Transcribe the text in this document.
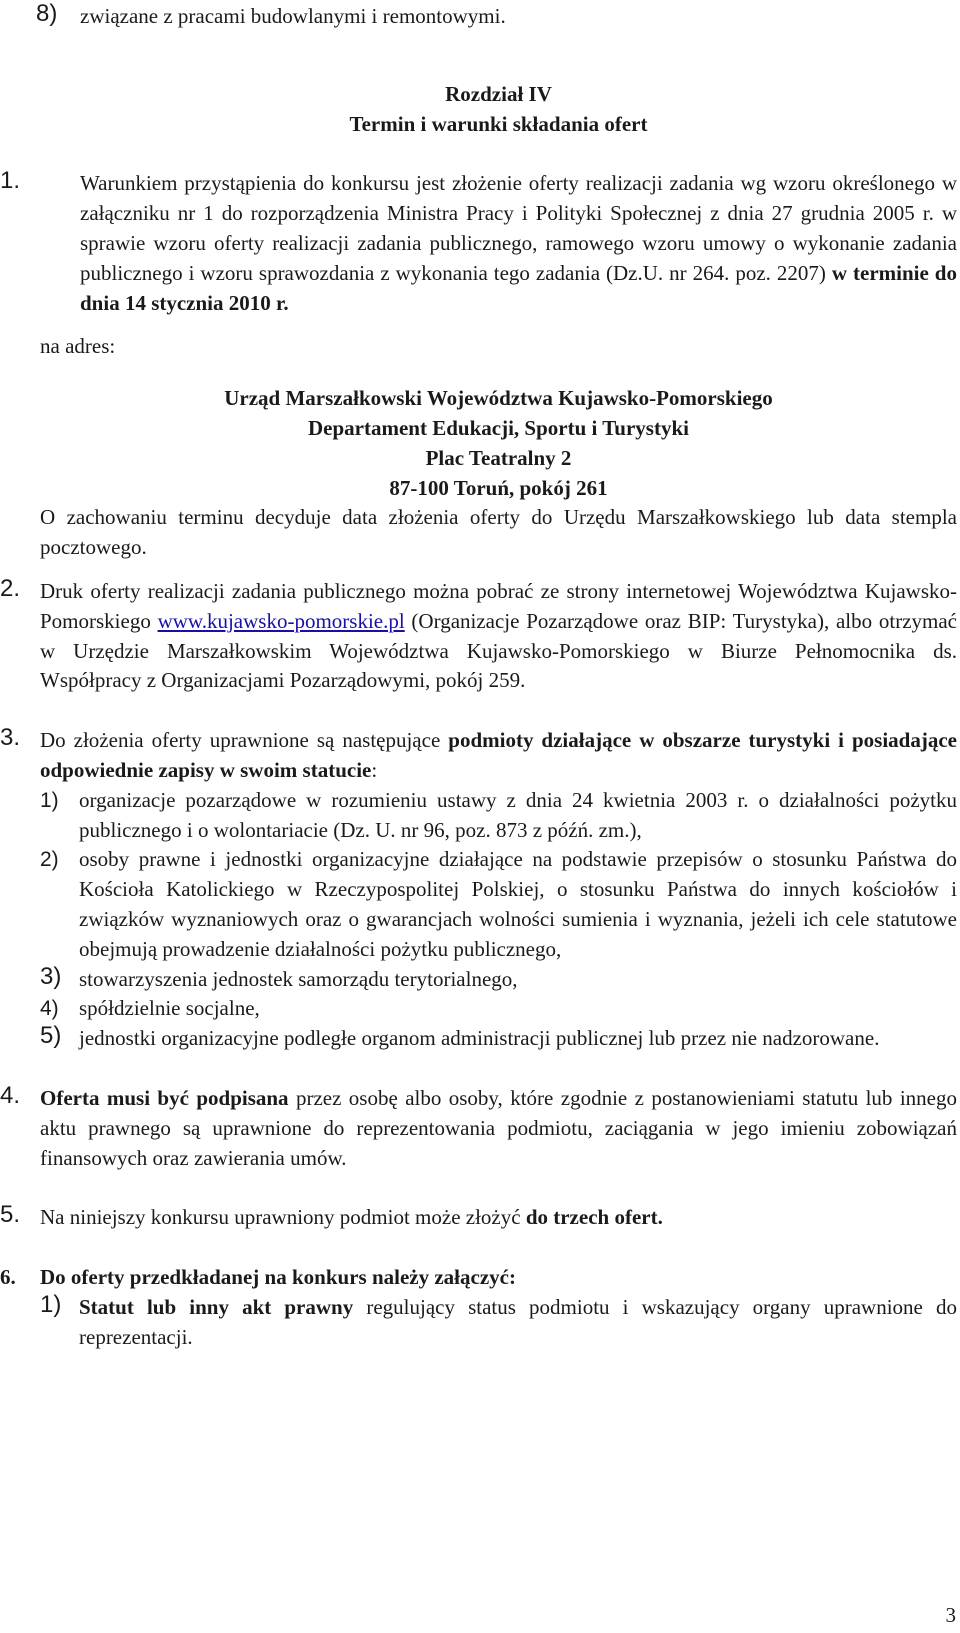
8) związane z pracami budowlanymi i remontowymi.

Rozdział IV

Termin i warunki składania ofert

1.	Warunkiem przystąpienia do konkursu jest złożenie oferty realizacji zadania wg wzoru określonego w załączniku nr 1 do rozporządzenia Ministra Pracy i Polityki Społecznej z dnia 27 grudnia 2005 r. w sprawie wzoru oferty realizacji zadania publicznego, ramowego wzoru umowy o wykonanie zadania publicznego i wzoru sprawozdania z wykonania tego zadania (Dz.U. nr 264. poz. 2207) w terminie do dnia 14 stycznia 2010 r.

na adres:

Urząd Marszałkowski Województwa Kujawsko-Pomorskiego

Departament Edukacji, Sportu i Turystyki

Plac Teatralny 2

87-100 Toruń, pokój 261

O zachowaniu terminu decyduje data złożenia oferty do Urzędu Marszałkowskiego lub data stempla pocztowego.

2. Druk oferty realizacji zadania publicznego można pobrać ze strony internetowej Województwa Kujawsko-Pomorskiego www.kujawsko-pomorskie.pl (Organizacje Pozarządowe oraz BIP: Turystyka), albo otrzymać w Urzędzie Marszałkowskim Województwa Kujawsko-Pomorskiego w Biurze Pełnomocnika ds. Współpracy z Organizacjami Pozarządowymi, pokój 259.

3. Do złożenia oferty uprawnione są następujące podmioty działające w obszarze turystyki i posiadające odpowiednie zapisy w swoim statucie:

1) organizacje pozarządowe w rozumieniu ustawy z dnia 24 kwietnia 2003 r. o działalności pożytku publicznego i o wolontariacie (Dz. U. nr 96, poz. 873 z późń. zm.),

2) osoby prawne i jednostki organizacyjne działające na podstawie przepisów o stosunku Państwa do Kościoła Katolickiego w Rzeczypospolitej Polskiej, o stosunku Państwa do innych kościołów i związków wyznaniowych oraz o gwarancjach wolności sumienia i wyznania, jeżeli ich cele statutowe obejmują prowadzenie działalności pożytku publicznego,

3) stowarzyszenia jednostek samorządu terytorialnego,

4) spółdzielnie socjalne,

5) jednostki organizacyjne podległe organom administracji publicznej lub przez nie nadzorowane.

4. Oferta musi być podpisana przez osobę albo osoby, które zgodnie z postanowieniami statutu lub innego aktu prawnego są uprawnione do reprezentowania podmiotu, zaciągania w jego imieniu zobowiązań finansowych oraz zawierania umów.

5. Na niniejszy konkursu uprawniony podmiot może złożyć do trzech ofert.

6. Do oferty przedkładanej na konkurs należy załączyć:

1) Statut lub inny akt prawny regulujący status podmiotu i wskazujący organy uprawnione do reprezentacji.

3
